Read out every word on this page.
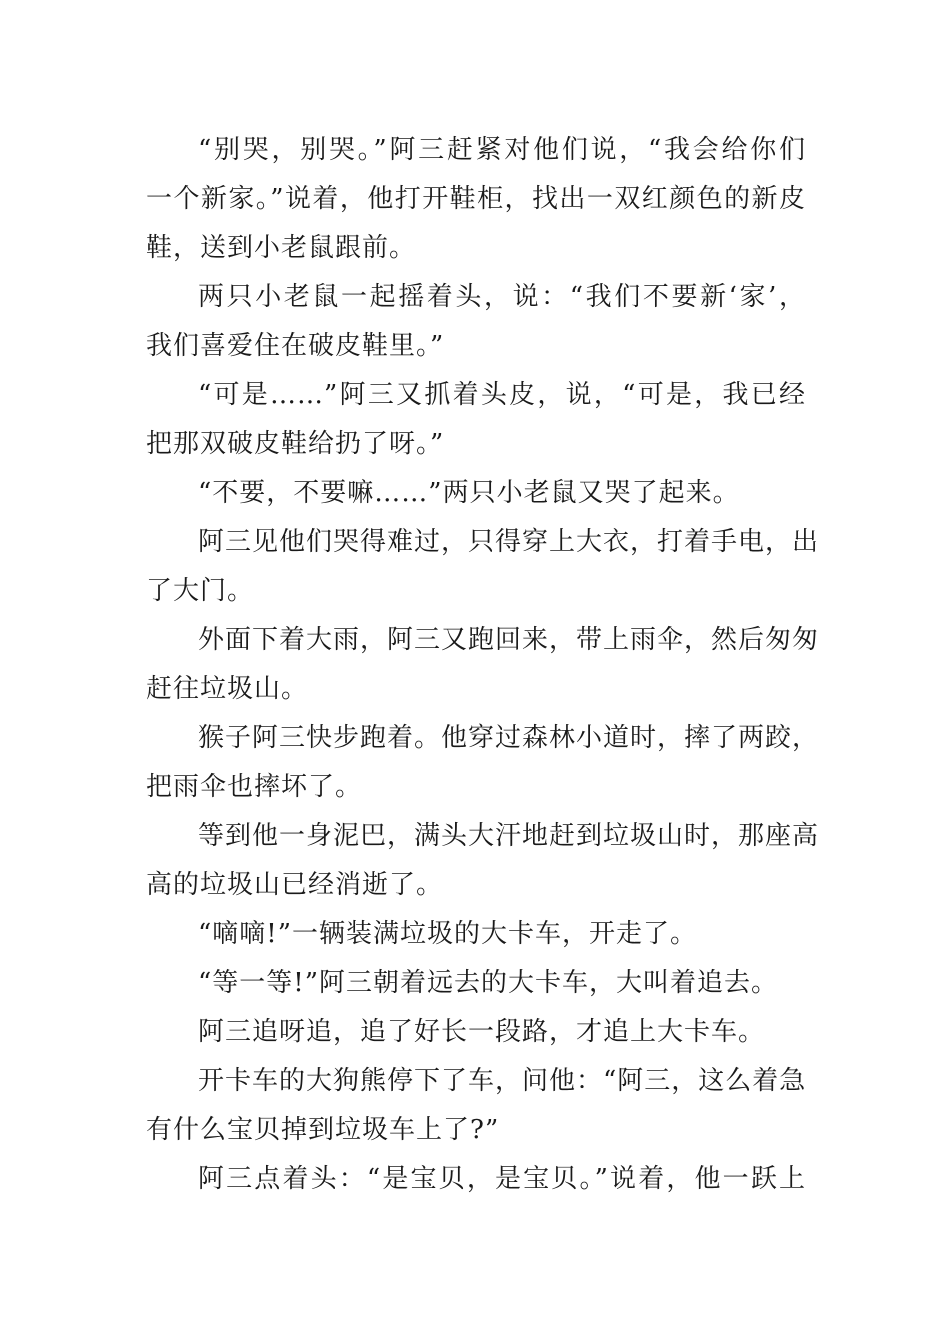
“别哭，别哭。”阿三赶紧对他们说，“我会给你们
一个新家。”说着，他打开鞋柜，找出一双红颜色的新皮
鞋，送到小老鼠跟前。
两只小老鼠一起摇着头，说：“我们不要新‘家’，
我们喜爱住在破皮鞋里。”
“可是……”阿三又抓着头皮，说，“可是，我已经
把那双破皮鞋给扔了呀。”
“不要，不要嘛……”两只小老鼠又哭了起来。
阿三见他们哭得难过，只得穿上大衣，打着手电，出
了大门。
外面下着大雨，阿三又跑回来，带上雨伞，然后匆匆
赶往垃圾山。
猴子阿三快步跑着。他穿过森林小道时，摔了两跤，
把雨伞也摔坏了。
等到他一身泥巴，满头大汗地赶到垃圾山时，那座高
高的垃圾山已经消逝了。
“嘀嘀!”一辆装满垃圾的大卡车，开走了。
“等一等!”阿三朝着远去的大卡车，大叫着追去。
阿三追呀追，追了好长一段路，才追上大卡车。
开卡车的大狗熊停下了车，问他：“阿三，这么着急
有什么宝贝掉到垃圾车上了?”
阿三点着头：“是宝贝，是宝贝。”说着，他一跃上
